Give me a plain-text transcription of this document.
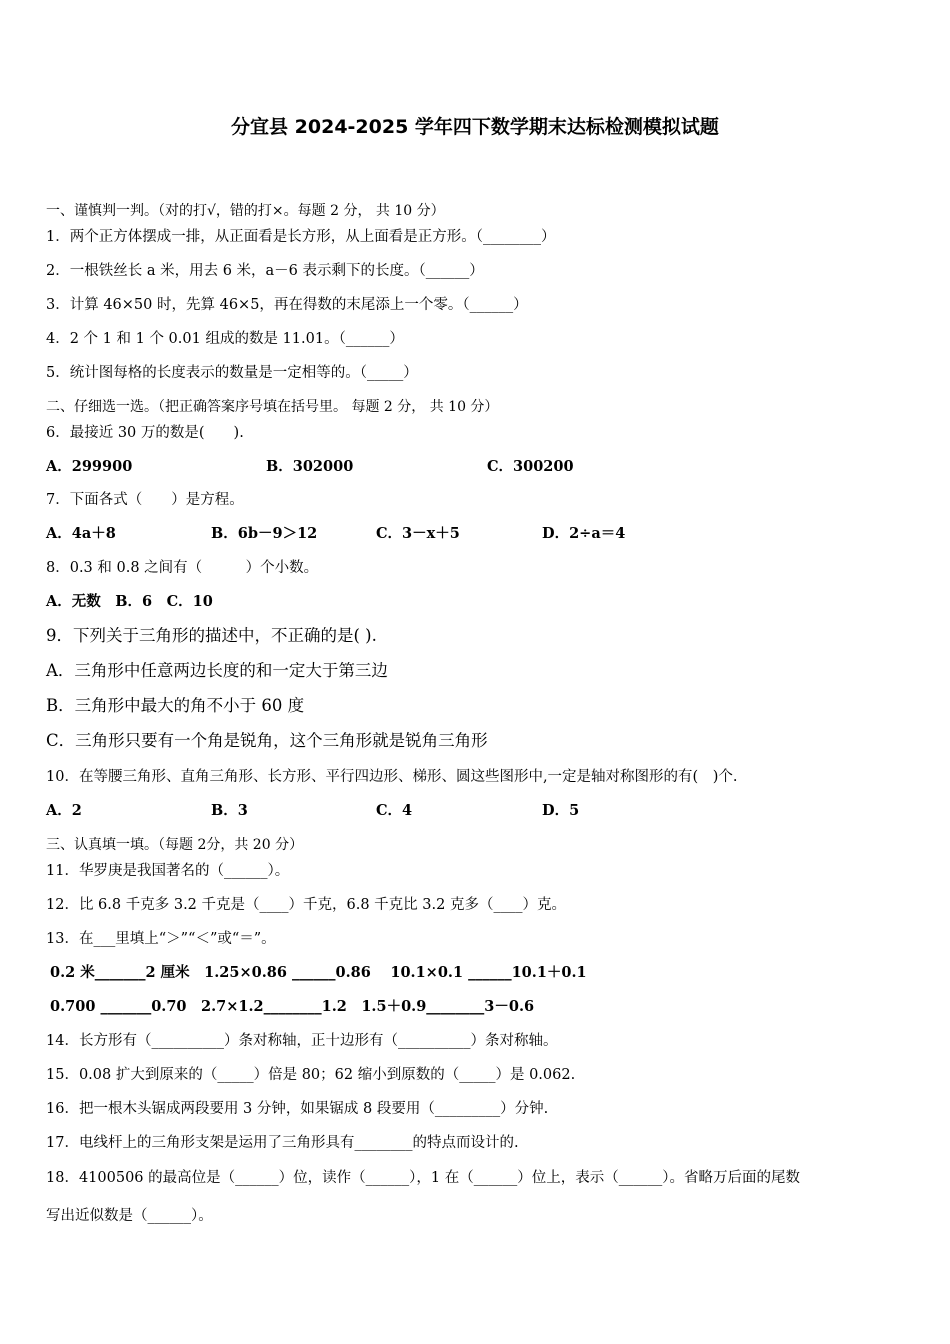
分宜县 2024-2025 学年四下数学期末达标检测模拟试题
一、谨慎判一判。（对的打√，错的打×。每题 2 分， 共 10 分）
1．两个正方体摆成一排，从正面看是长方形，从上面看是正方形。（________）
2．一根铁丝长 a 米，用去 6 米，a－6 表示剩下的长度。（______）
3．计算 46×50 时，先算 46×5，再在得数的末尾添上一个零。（______）
4．2 个 1 和 1 个 0.01 组成的数是 11.01。（______）
5．统计图每格的长度表示的数量是一定相等的。（_____）
二、仔细选一选。（把正确答案序号填在括号里。 每题 2 分， 共 10 分）
6．最接近 30 万的数是(　　).
A．299900	B．302000	C．300200
7．下面各式（　　）是方程。
A．4a＋8	B．6b－9＞12	C．3－x＋5	D．2÷a＝4
8．0.3 和 0.8 之间有（　　　）个小数。
A．无数　B．6　C．10
9．下列关于三角形的描述中，不正确的是( ).
A．三角形中任意两边长度的和一定大于第三边
B．三角形中最大的角不小于 60 度
C．三角形只要有一个角是锐角，这个三角形就是锐角三角形
10．在等腰三角形、直角三角形、长方形、平行四边形、梯形、圆这些图形中,一定是轴对称图形的有(　)个.
A．2	B．3	C．4	D．5
三、认真填一填。（每题 2分，共 20 分）
11．华罗庚是我国著名的（______）。
12．比 6.8 千克多 3.2 千克是（____）千克，6.8 千克比 3.2 克多（____）克。
13．在___里填上“＞”“＜”或“＝”。
0.2 米_______2 厘米　1.25×0.86 ______0.86　 10.1×0.1 ______10.1＋0.1
0.700 _______0.70　2.7×1.2________1.2　1.5＋0.9________3－0.6
14．长方形有（__________）条对称轴，正十边形有（__________）条对称轴。
15．0.08 扩大到原来的（_____）倍是 80；62 缩小到原数的（_____）是 0.062.
16．把一根木头锯成两段要用 3 分钟，如果锯成 8 段要用（_________）分钟.
17．电线杆上的三角形支架是运用了三角形具有________的特点而设计的.
18．4100506 的最高位是（______）位，读作（______），1 在（______）位上，表示（______）。省略万后面的尾数
写出近似数是（______）。
